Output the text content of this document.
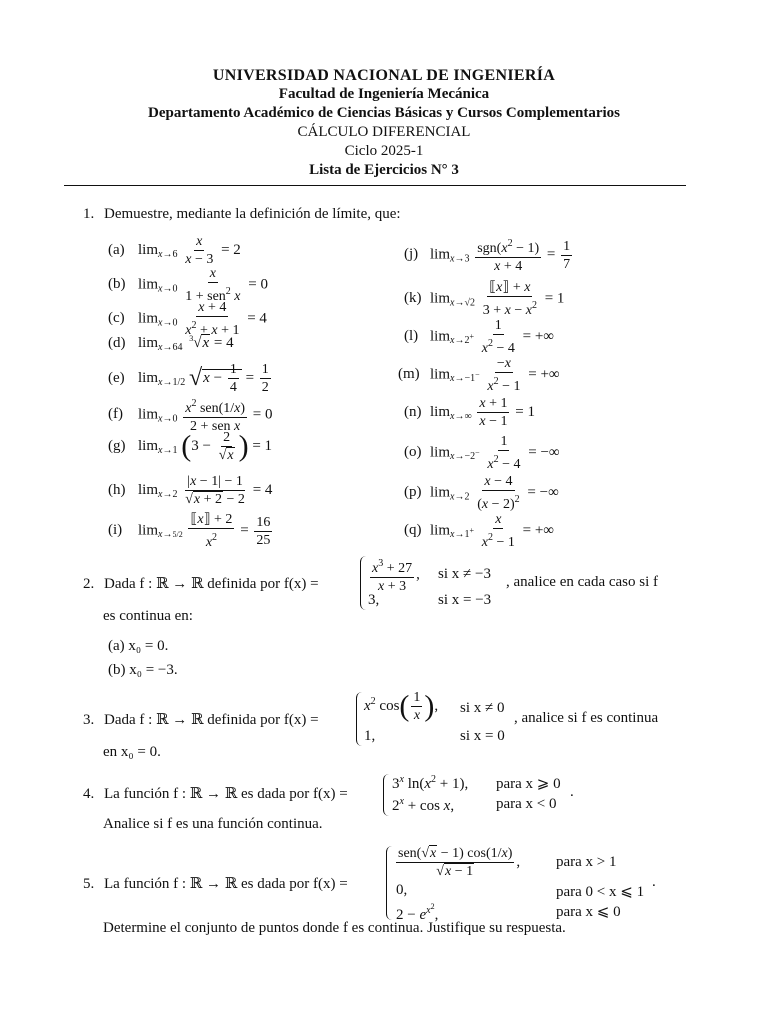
UNIVERSIDAD NACIONAL DE INGENIERÍA
Facultad de Ingeniería Mecánica
Departamento Académico de Ciencias Básicas y Cursos Complementarios
CÁLCULO DIFERENCIAL
Ciclo 2025-1
Lista de Ejercicios N° 3
1. Demuestre, mediante la definición de límite, que:
(a) $\lim_{x\to 6} \frac{x}{x - 3} = 2$
(b) $\lim_{x\to 0} \frac{x}{1 + sen^2 x} = 0$
(c) $\lim_{x\to 0} \frac{x + 4}{x^2 + x + 1} = 4$
(d) $\lim_{x\to 64} ^3√x = 4$
(e) $\lim_{x\to 1/2} √x - \frac{1}{4} = \frac{1}{2}$
(f) $\lim_{x\to 0} \frac{x^2 sen(1/x)}{\text{2 + sen x}} = 0$
(g) $\lim_{x\to 1} (3 - \frac{2}{√x}$ ) = 1
(h) $\lim_{x\to 2} \frac{|x - 1| - 1}{√x + 2 - 2} = 4$
(i) $\lim_{x\to 5/2} \frac{⟦x⟧ + 2}{x^2} = \frac{16}{25}$
(j) $\lim_{x\to 3} \frac{sgn(x^2 - 1)}{x + 4} = \frac{1}{7}$
(k) $\lim_{x\to√2} \frac{⟦x⟧ + x}{3 + x - x^2} = 1$
(l) $\lim_{x\to 2^+} \frac{1}{x^2 - 4}$ = +∞
(m) $\lim_{x\to-1^-} \frac{-x}{x^2 - 1}$ = +∞
(n) $\lim_{x\to\infty} \frac{x + 1}{x - 1} = 1$
(o) $\lim_{x\to-2^-} \frac{1}{x^2 - 4}$ = −∞
(p) $\lim_{x\to 2} \frac{x - 4}{(x - 2)^2}$ = −∞
(q) $\lim_{x\to 1^+} \frac{x}{x^2 - 1}$ = +∞
2. Dada f : ℝ → ℝ definida por f(x) =	$\frac{x^3 + 27}{x + 3}$ , si x ≠ −3
3,	si x = −3
, analice en cada caso si f
es continua en:
(a) x₀ = 0.
(b) x₀ = −3.
3. Dada f : ℝ → ℝ definida por f(x) =
$x^2$ $\cos( \frac{1}{x}$ ), si x ≠ 0
1,	si x = 0
, analice si f es continua
en x₀ = 0.
4. La función f : ℝ → ℝ es dada por f(x) =
$3^x$ $\ln(x^2 + 1)$, para x ⩾ 0
$2^x + \cos x$,	para x < 0
.
Analice si f es una función continua.
5. La función f : ℝ → ℝ es dada por f(x) =
$\frac{\text{sen(√x − 1) cos(1/x)}}{√x - 1}$ , para x > 1
0,	para 0 < x ⩽ 1
$2 - e^{x^2}$,	para x ⩽ 0
.
Determine el conjunto de puntos donde f es continua. Justifique su respuesta.
